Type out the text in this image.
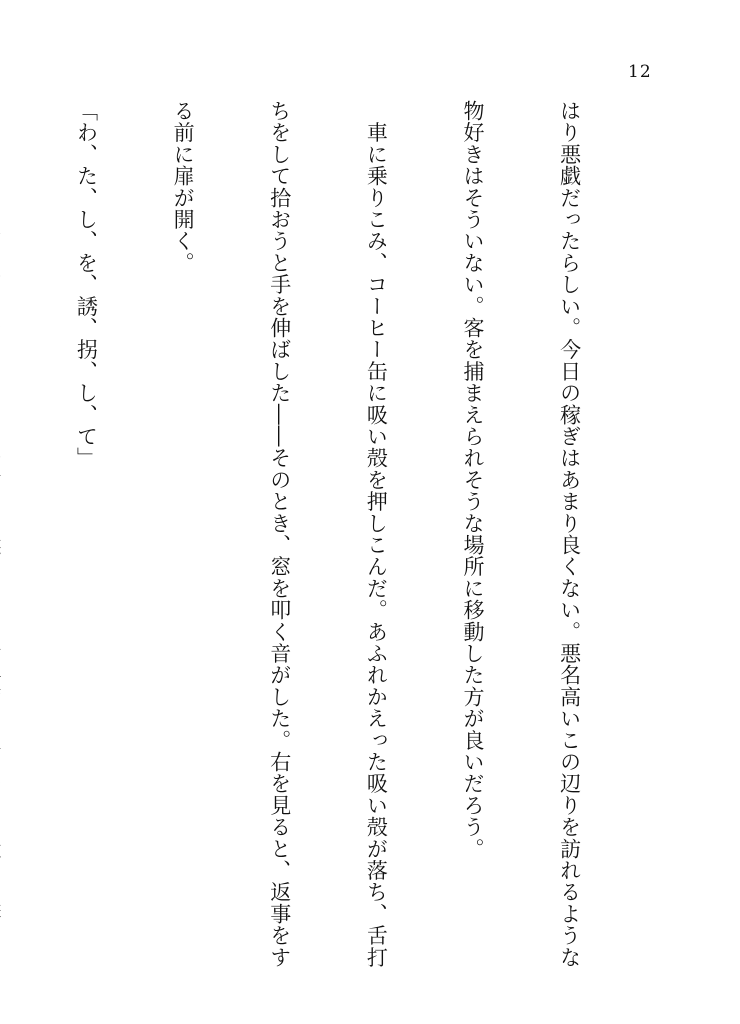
12

はり悪戯だったらしい。今日の稼ぎはあまり良くない。悪名高いこの辺りを訪れるような

物好きはそういない。客を捕まえられそうな場所に移動した方が良いだろう。

　車に乗りこみ、コーヒー缶に吸い殻を押しこんだ。あふれかえった吸い殻が落ち、舌打

ちをして拾おうと手を伸ばした――そのとき、窓を叩く音がした。右を見ると、返事をす

る前に扉が開く。

「わ、た、し、を、誘、拐、し、て」
